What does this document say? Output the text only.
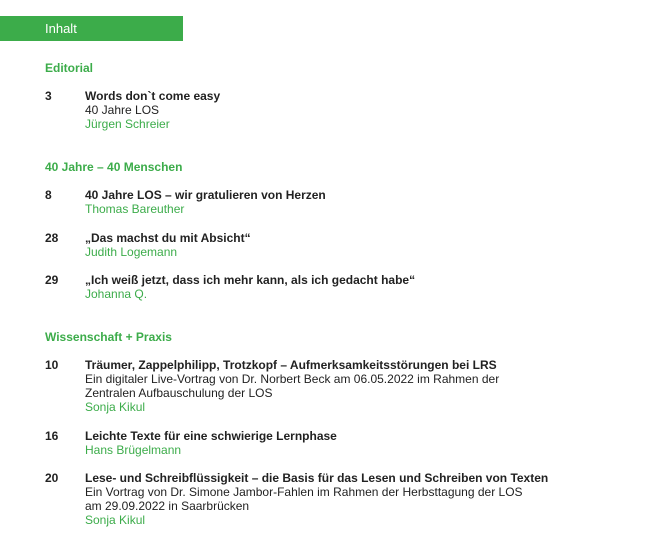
Inhalt
Editorial
3	Words don`t come easy
40 Jahre LOS
Jürgen Schreier
40 Jahre – 40 Menschen
8	40 Jahre LOS – wir gratulieren von Herzen
Thomas Bareuther
28 „Das machst du mit Absicht“
Judith Logemann
29 „Ich weiß jetzt, dass ich mehr kann, als ich gedacht habe“
Johanna Q.
Wissenschaft + Praxis
10 Träumer, Zappelphilipp, Trotzkopf – Aufmerksamkeitsstörungen bei LRS
Ein digitaler Live-Vortrag von Dr. Norbert Beck am 06.05.2022 im Rahmen der
Zentralen Aufbauschulung der LOS
Sonja Kikul
16 Leichte Texte für eine schwierige Lernphase
Hans Brügelmann
20 Lese- und Schreibflüssigkeit – die Basis für das Lesen und Schreiben von Texten
Ein Vortrag von Dr. Simone Jambor-Fahlen im Rahmen der Herbsttagung der LOS
am 29.09.2022 in Saarbrücken
Sonja Kikul
